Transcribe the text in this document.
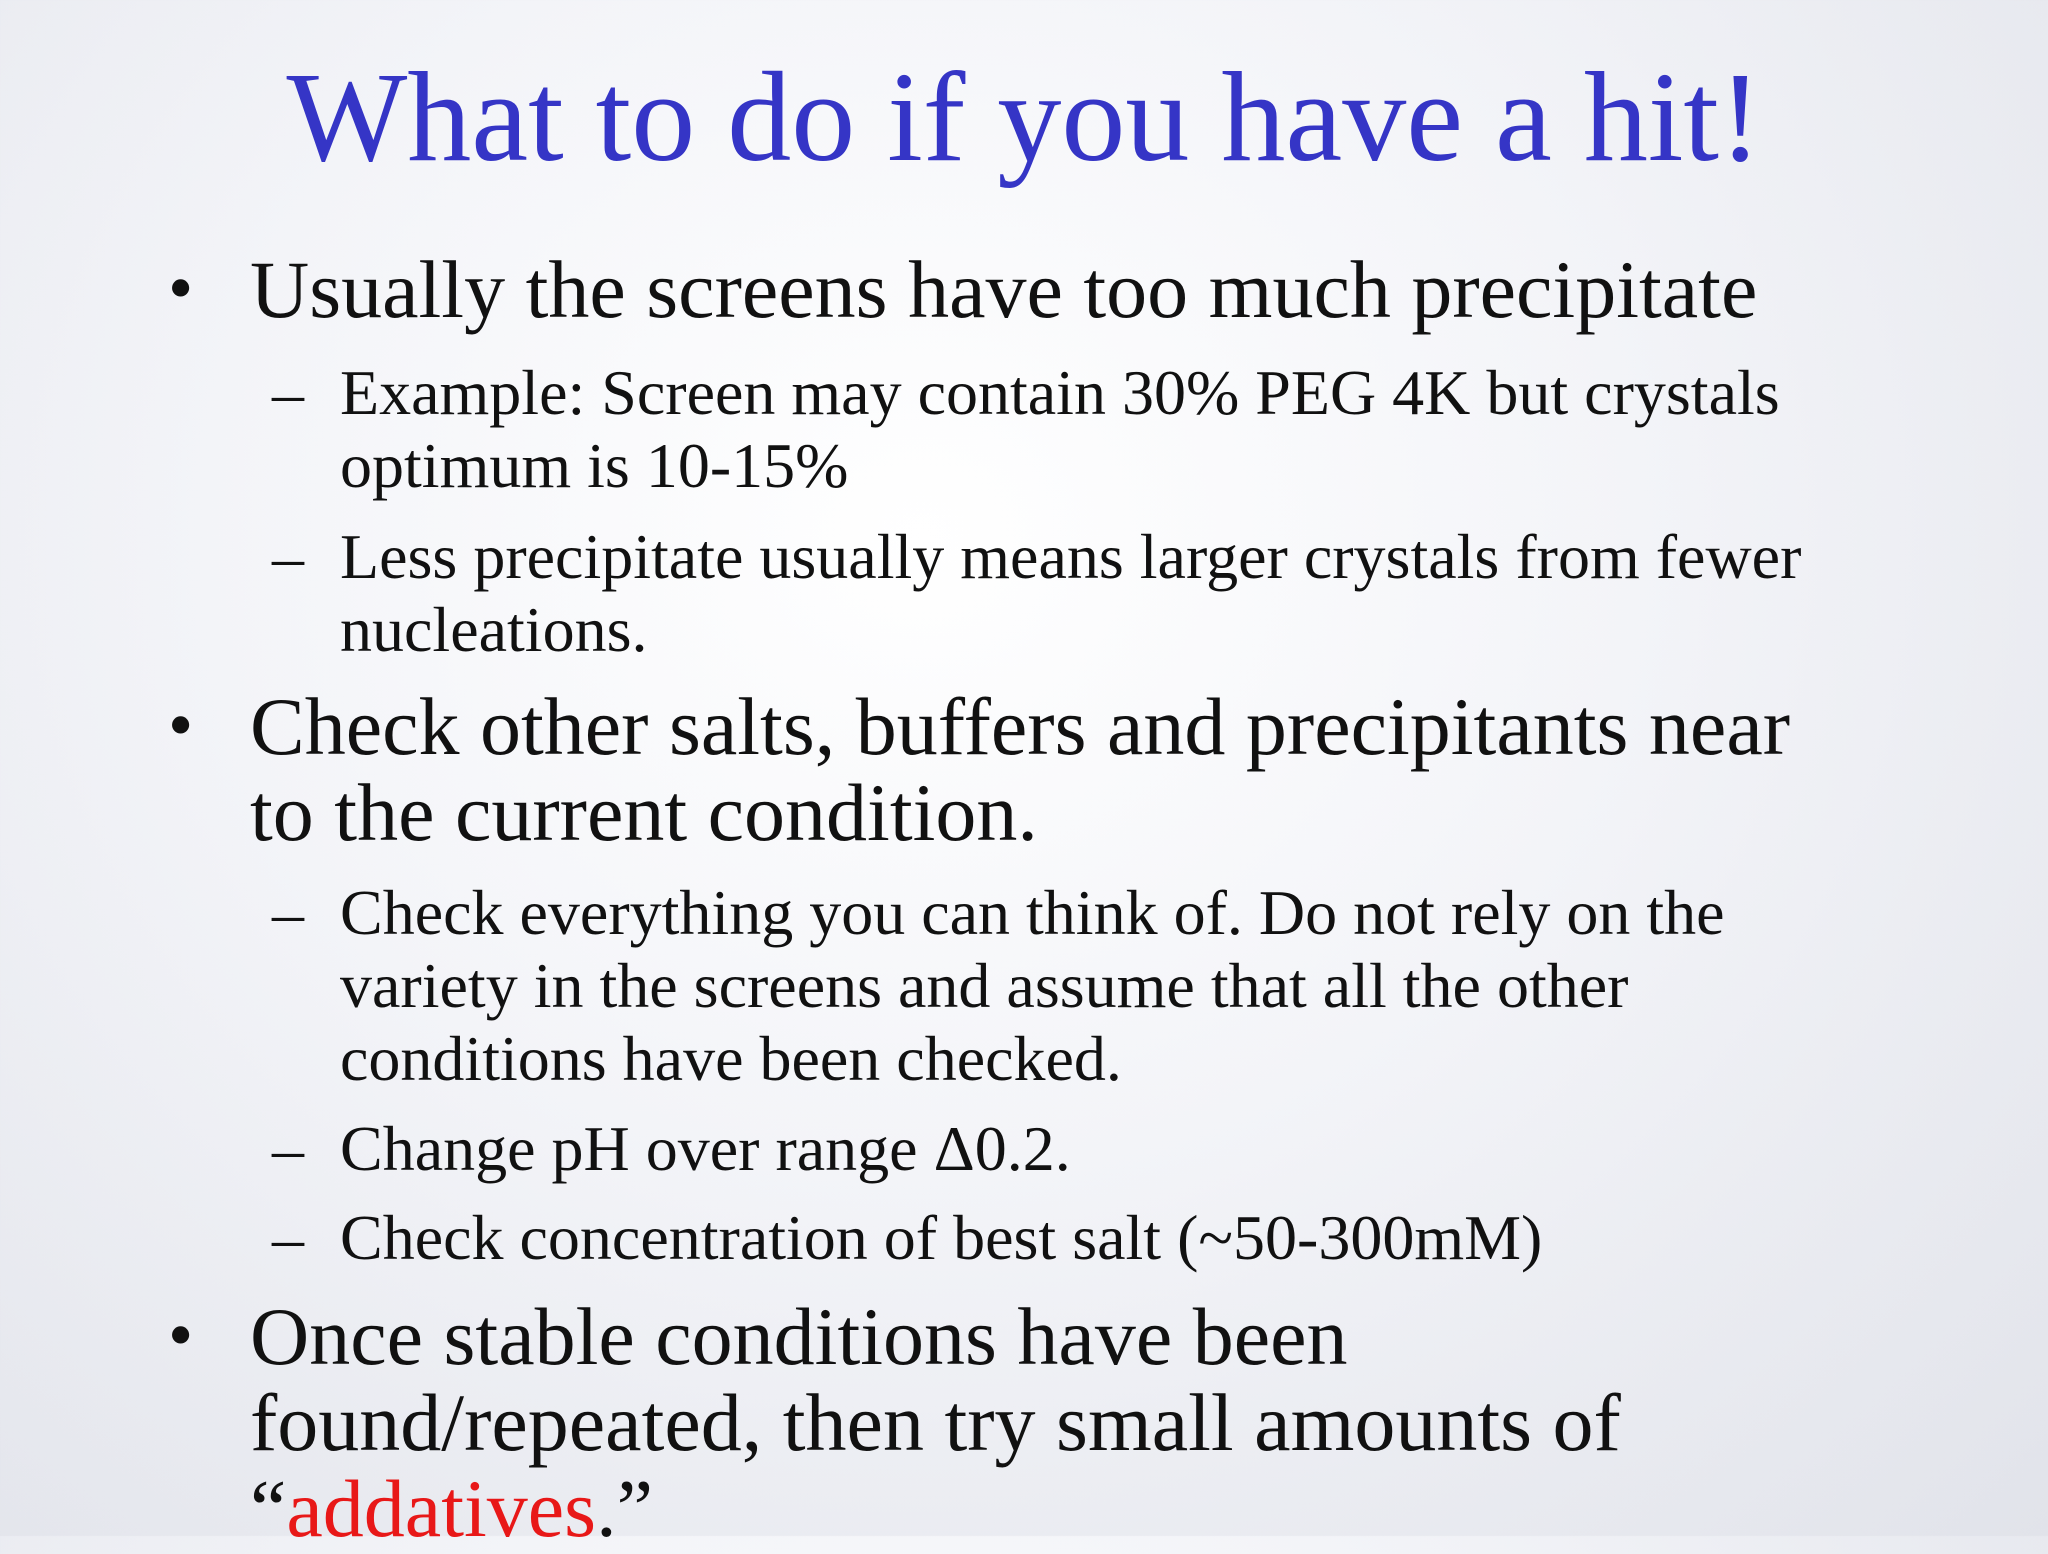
What to do if you have a hit!
• Usually the screens have too much precipitate
– Example: Screen may contain 30% PEG 4K but crystals optimum is 10-15%
– Less precipitate usually means larger crystals from fewer nucleations.
• Check other salts, buffers and precipitants near to the current condition.
– Check everything you can think of. Do not rely on the variety in the screens and assume that all the other conditions have been checked.
– Change pH over range Δ0.2.
– Check concentration of best salt (~50-300mM)
• Once stable conditions have been found/repeated, then try small amounts of “addatives.”
